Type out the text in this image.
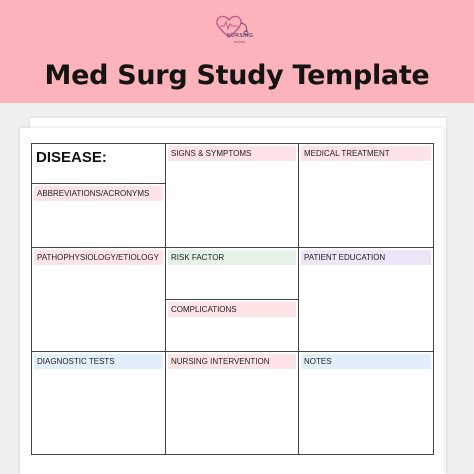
NURSING
MOUSE
Med Surg Study Template
DISEASE:
ABBREVIATIONS/ACRONYMS
SIGNS & SYMPTOMS	MEDICAL TREATMENT
PATHOPHYSIOLOGY/ETIOLOGY	RISK FACTOR
COMPLICATIONS
PATIENT EDUCATION
DIAGNOSTIC TESTS	NURSING INTERVENTION	NOTES
